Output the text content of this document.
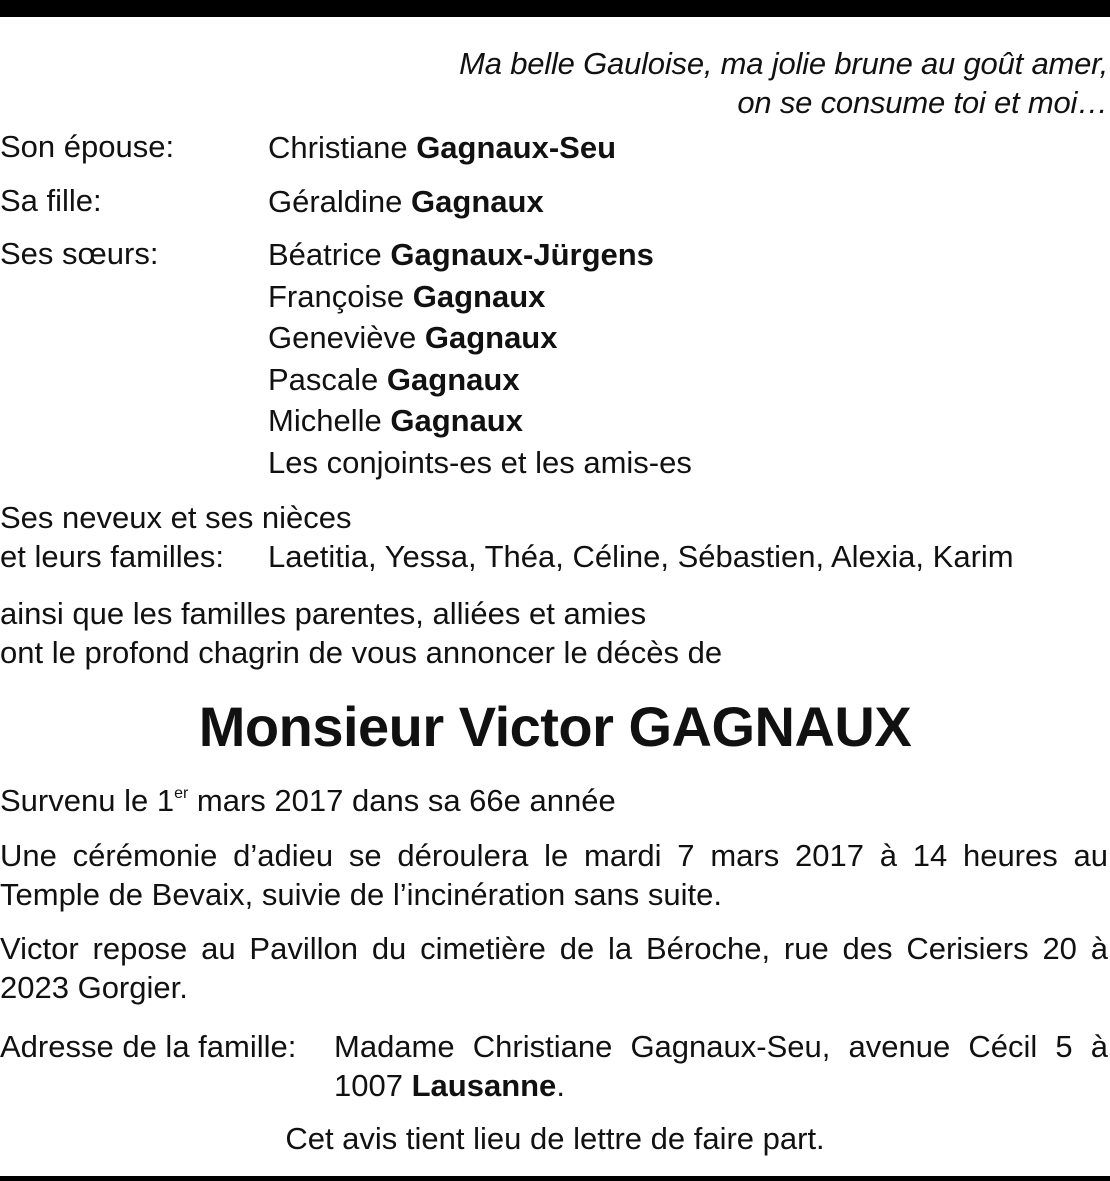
Ma belle Gauloise, ma jolie brune au goût amer,
on se consume toi et moi…
Son épouse:	Christiane Gagnaux-Seu
Sa fille:	Géraldine Gagnaux
Ses sœurs:	Béatrice Gagnaux-Jürgens
Françoise Gagnaux
Geneviève Gagnaux
Pascale Gagnaux
Michelle Gagnaux
Les conjoints-es et les amis-es
Ses neveux et ses nièces
et leurs familles:	Laetitia, Yessa, Théa, Céline, Sébastien, Alexia, Karim
ainsi que les familles parentes, alliées et amies
ont le profond chagrin de vous annoncer le décès de
Monsieur Victor GAGNAUX
Survenu le 1er mars 2017 dans sa 66e année
Une cérémonie d’adieu se déroulera le mardi 7 mars 2017 à 14 heures au Temple de Bevaix, suivie de l’incinération sans suite.
Victor repose au Pavillon du cimetière de la Béroche, rue des Cerisiers 20 à 2023 Gorgier.
Adresse de la famille: Madame Christiane Gagnaux-Seu, avenue Cécil 5 à 1007 Lausanne.
Cet avis tient lieu de lettre de faire part.
